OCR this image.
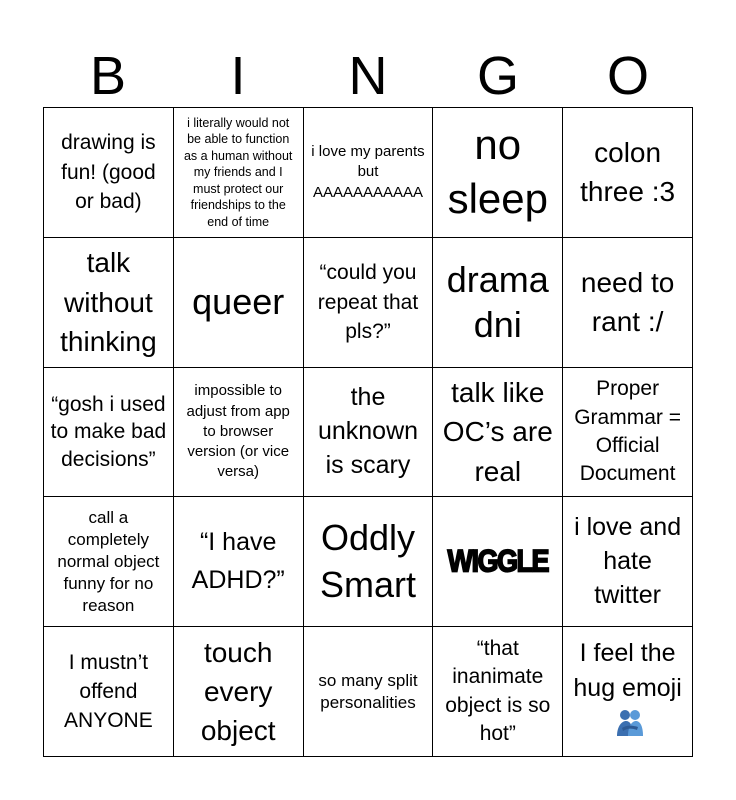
B	I	N	G	O
drawing is fun! (good or bad)
i literally would not be able to function as a human without my friends and I must protect our friendships to the end of time
i love my parents but AAAAAAAAAAA
no sleep
colon three :3
talk without thinking
queer
“could you repeat that pls?”
drama dni
need to rant :/
“gosh i used to make bad decisions”
impossible to adjust from app to browser version (or vice versa)
the unknown is scary
talk like OC’s are real
Proper Grammar = Official Document
call a completely normal object funny for no reason
“I have ADHD?”
Oddly Smart
WIGGLE
i love and hate twitter
I mustn’t offend ANYONE
touch every object
so many split personalities
“that inanimate object is so hot”
I feel the hug emoji
